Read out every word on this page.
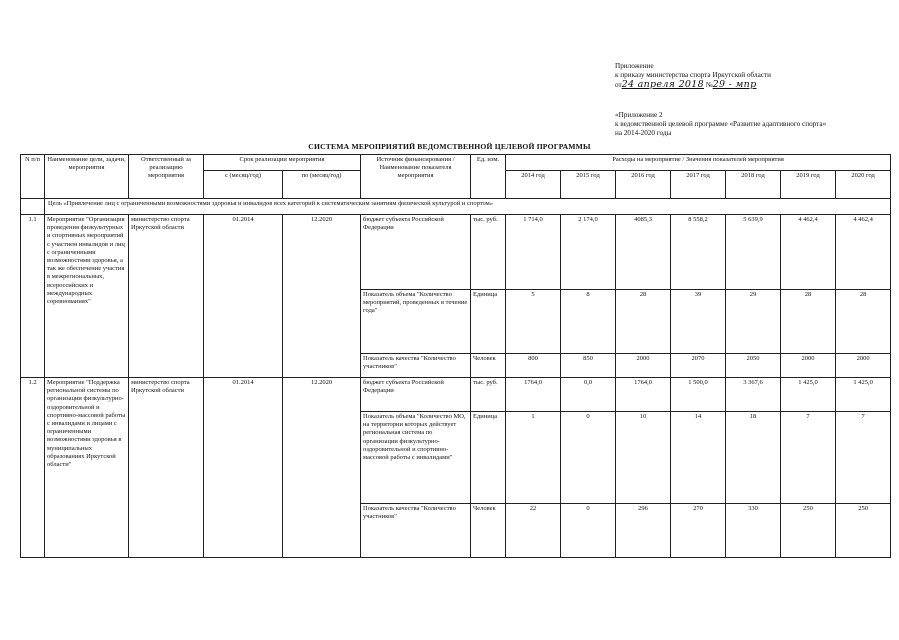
Приложение
к приказу министерства спорта Иркутской области
от24 апреля 2018 №29 - мпр
«Приложение 2
к ведомственной целевой программе «Развитие адаптивного спорта»
на 2014-2020 годы
СИСТЕМА МЕРОПРИЯТИЙ ВЕДОМСТВЕННОЙ ЦЕЛЕВОЙ ПРОГРАММЫ
N п/п	Наименование цели, задачи, мероприятия	Ответственный за реализацию мероприятия	Срок реализации мероприятия		Источник финансирования / Наименование показателя мероприятия	Ед. изм.	Расходы на мероприятие / Значения показателей мероприятия						
			с (месяц/год)	по (месяц/год)			2014 год	2015 год	2016 год	2017 год	2018 год	2019 год	2020 год
	Цель «Привлечение лиц с ограниченными возможностями здоровья и инвалидов всех категорий к систематическим занятиям физической культурой и спортом»												
1.1	Мероприятие "Организация проведения физкультурных и спортивных мероприятий с участием инвалидов и лиц с ограниченными возможностями здоровья, а так же обеспечение участия в межрегиональных, всероссийских и международных соревнованиях"	министерство спорта Иркутской области	01.2014	12.2020	бюджет субъекта Российской Федерации	тыс. руб.	1 714,0	2 174,0	4085,3	8 558,2	5 639,9	4 462,4	4 462,4
					Показатель объема "Количество мероприятий, проведенных в течение года"	Единица	5	8	28	39	29	28	28
					Показатель качества "Количество участников"	Человек	800	850	2000	2070	2050	2000	2000
1.2	Мероприятие "Поддержка региональной системы по организации физкультурно-оздоровительной и спортивно-массовой работы с инвалидами и лицами с ограниченными возможностями здоровья в муниципальных образованиях Иркутской области"	министерство спорта Иркутской области	01.2014	12.2020	бюджет субъекта Российской Федерации	тыс. руб.	1764,0	0,0	1764,0	1 500,0	3 367,6	1 425,0	1 425,0
					Показатель объема "Количество МО, на территории которых действует региональная система по организации физкультурно-оздоровительной и спортивно-массовой работы с инвалидами"	Единица	1	0	10	14	18	7	7
					Показатель качества "Количество участников"	Человек	22	0	296	270	330	250	250
